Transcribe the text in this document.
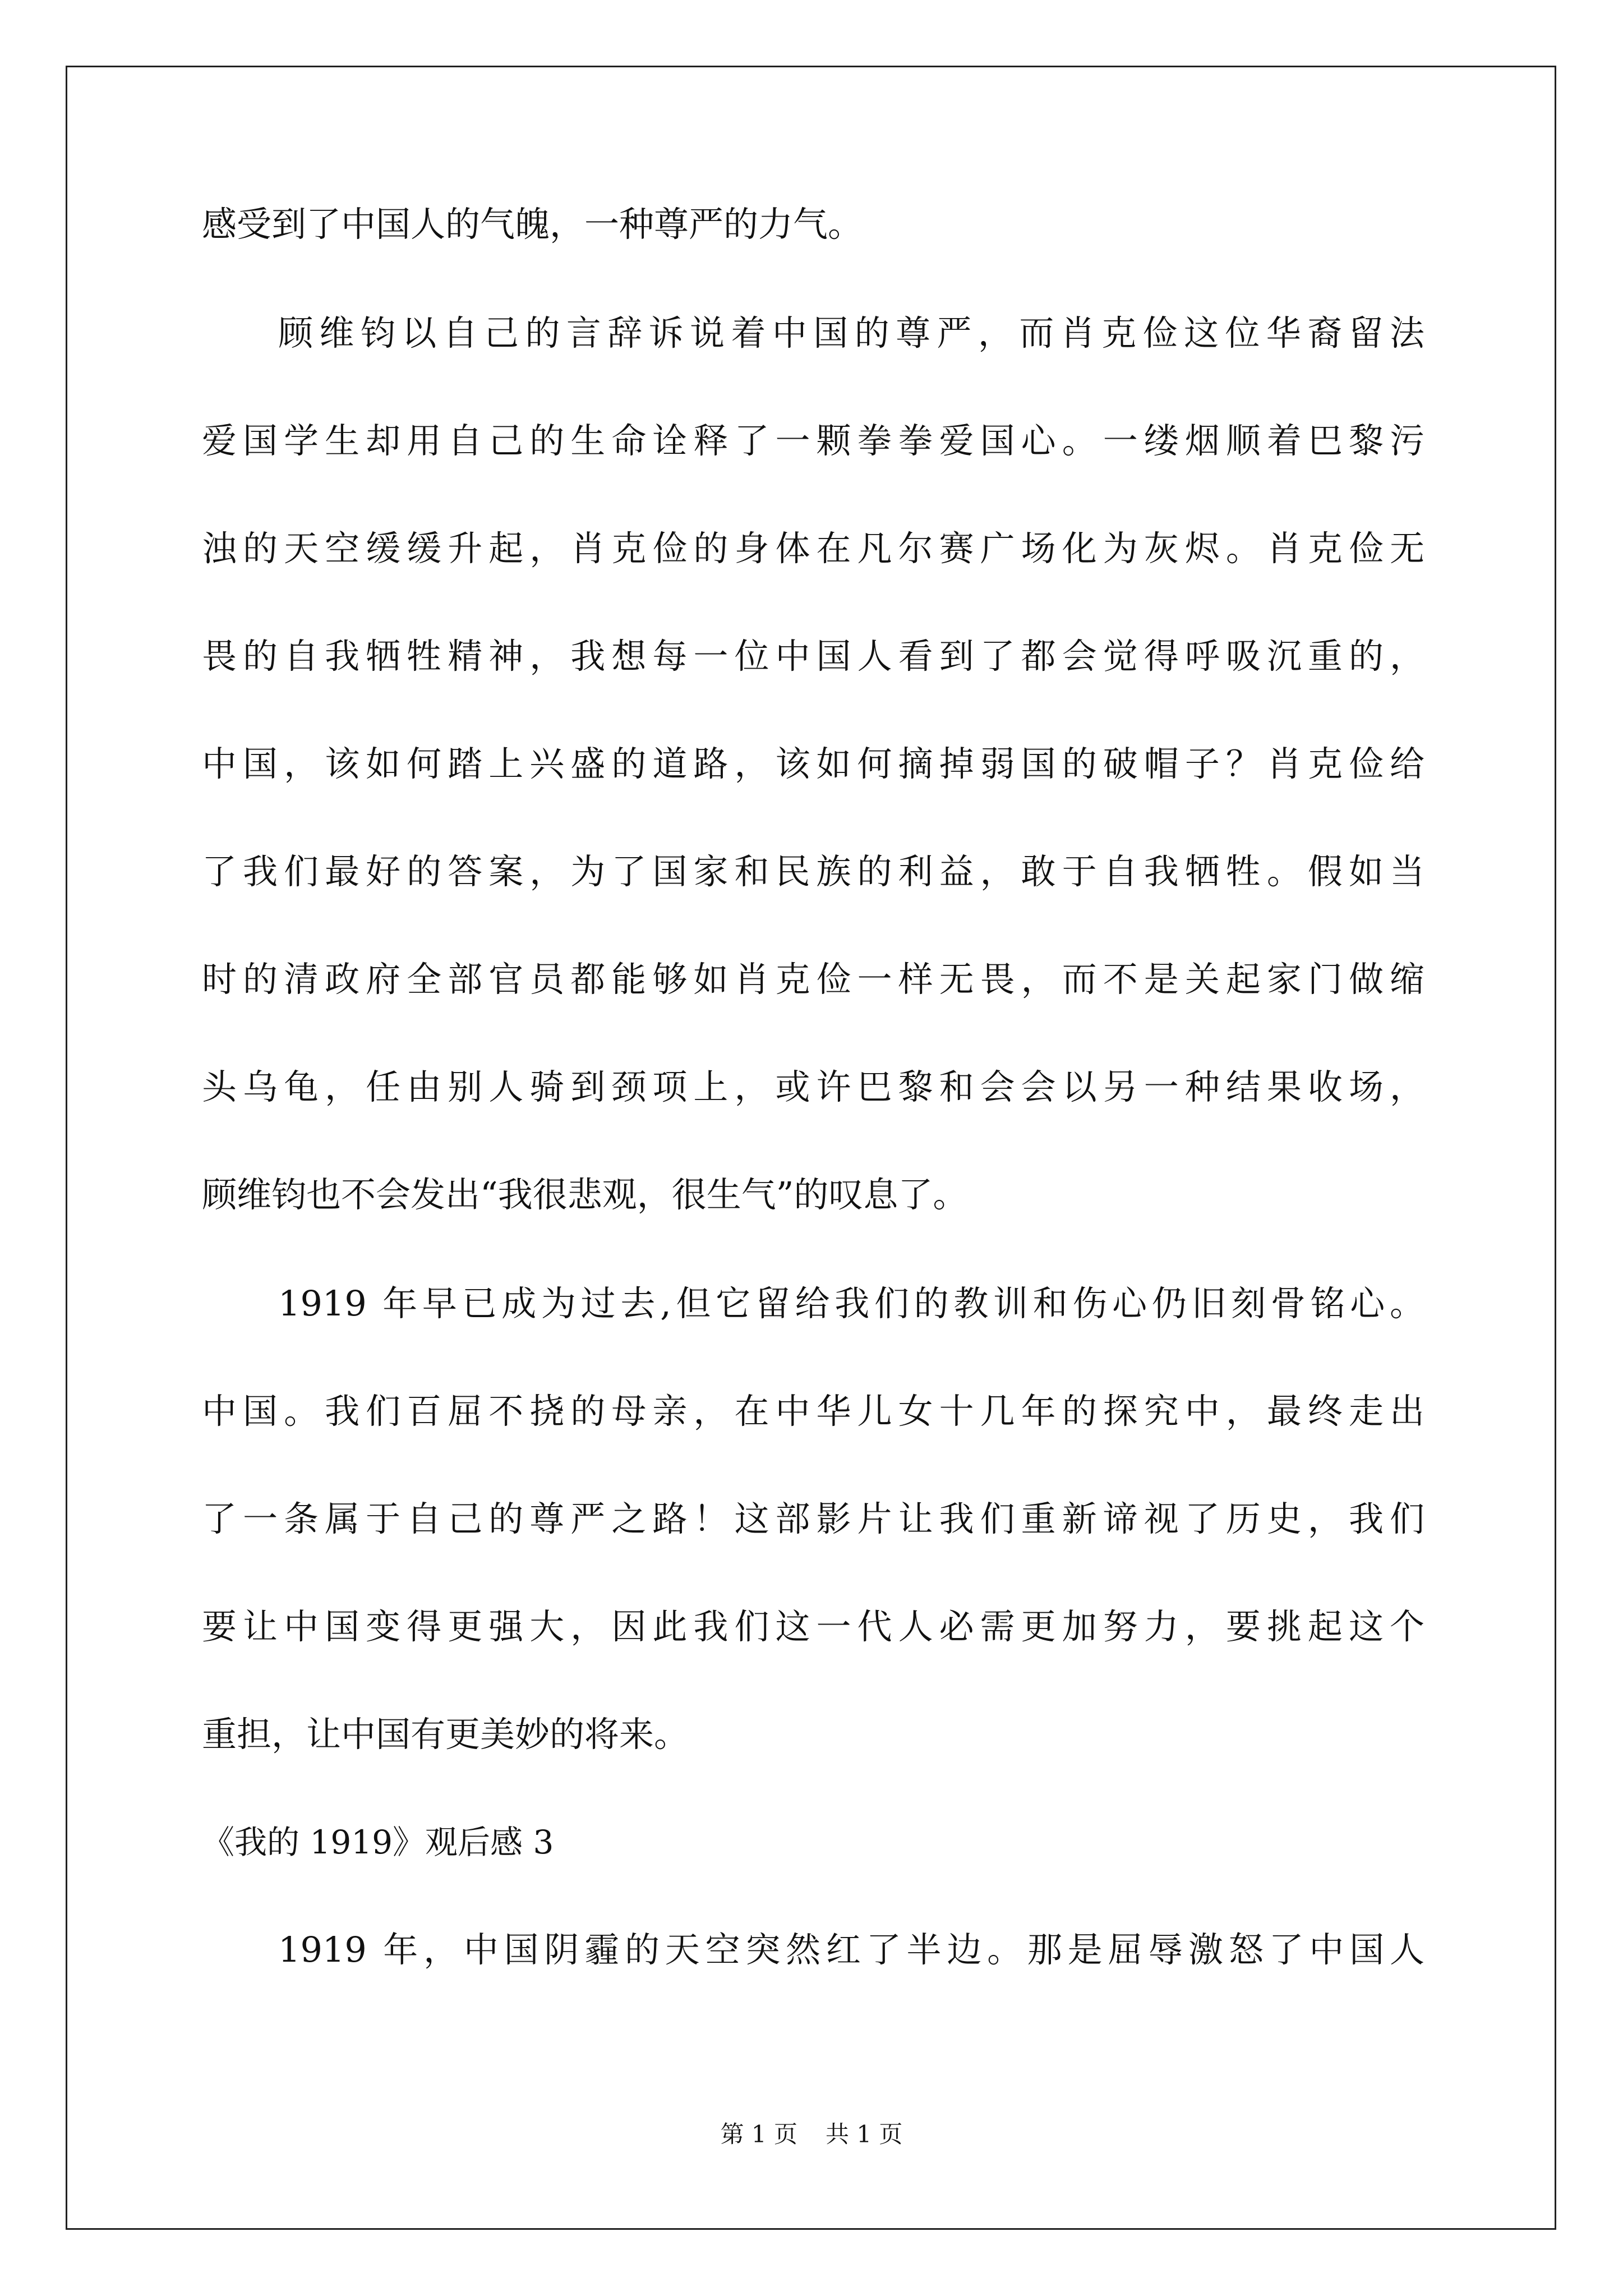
感受到了中国人的气魄，一种尊严的力气。
顾维钧以自己的言辞诉说着中国的尊严，而肖克俭这位华裔留法
爱国学生却用自己的生命诠释了一颗拳拳爱国心。一缕烟顺着巴黎污
浊的天空缓缓升起，肖克俭的身体在凡尔赛广场化为灰烬。肖克俭无
畏的自我牺牲精神，我想每一位中国人看到了都会觉得呼吸沉重的，
中国，该如何踏上兴盛的道路，该如何摘掉弱国的破帽子？肖克俭给
了我们最好的答案，为了国家和民族的利益，敢于自我牺牲。假如当
时的清政府全部官员都能够如肖克俭一样无畏，而不是关起家门做缩
头乌龟，任由别人骑到颈项上，或许巴黎和会会以另一种结果收场，
顾维钧也不会发出“我很悲观，很生气”的叹息了。
1919 年早已成为过去,但它留给我们的教训和伤心仍旧刻骨铭心。
中国。我们百屈不挠的母亲，在中华儿女十几年的探究中，最终走出
了一条属于自己的尊严之路！这部影片让我们重新谛视了历史，我们
要让中国变得更强大，因此我们这一代人必需更加努力，要挑起这个
重担，让中国有更美妙的将来。
《我的 1919》观后感 3
1919 年，中国阴霾的天空突然红了半边。那是屈辱激怒了中国人
第 1 页 共 1 页
